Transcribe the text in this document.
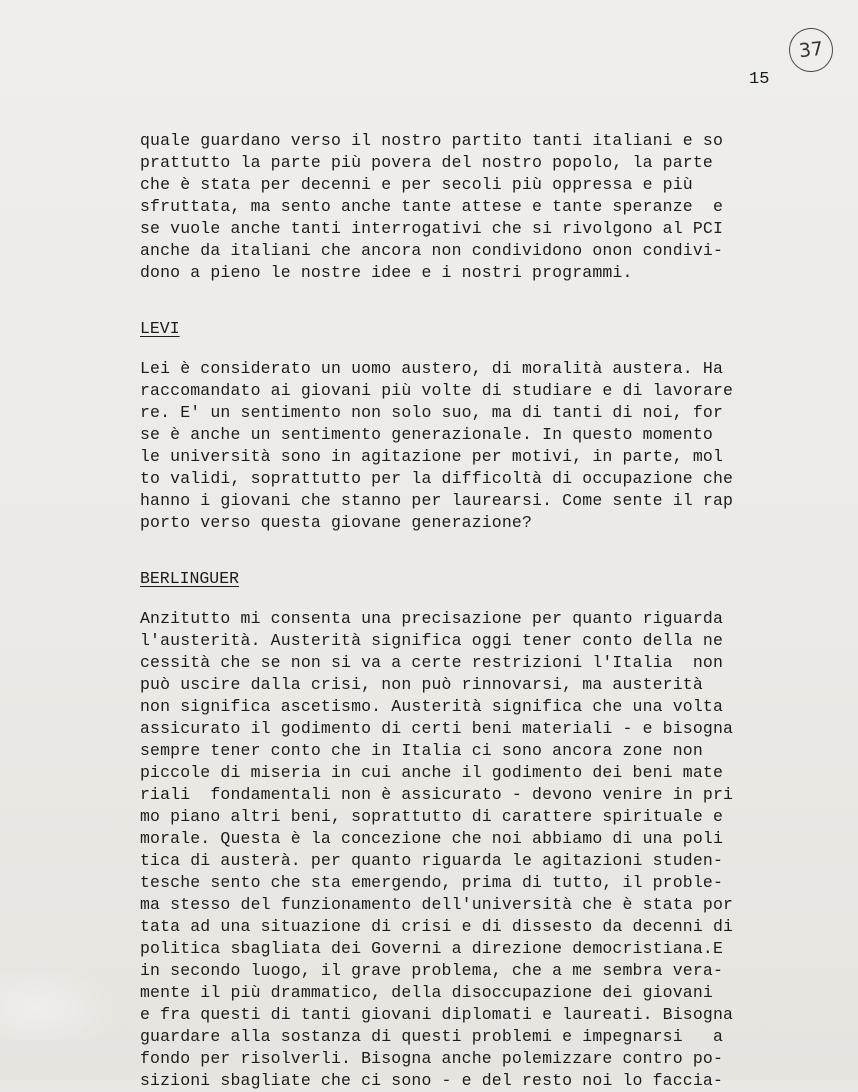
37
15
quale guardano verso il nostro partito tanti italiani e so
prattutto la parte più povera del nostro popolo, la parte
che è stata per decenni e per secoli più oppressa e più
sfruttata, ma sento anche tante attese e tante speranze  e
se vuole anche tanti interrogativi che si rivolgono al PCI
anche da italiani che ancora non condividono onon condivi-
dono a pieno le nostre idee e i nostri programmi.
LEVI
Lei è considerato un uomo austero, di moralità austera. Ha
raccomandato ai giovani più volte di studiare e di lavorare
re. E' un sentimento non solo suo, ma di tanti di noi, for
se è anche un sentimento generazionale. In questo momento
le università sono in agitazione per motivi, in parte, mol
to validi, soprattutto per la difficoltà di occupazione che
hanno i giovani che stanno per laurearsi. Come sente il rap
porto verso questa giovane generazione?
BERLINGUER
Anzitutto mi consenta una precisazione per quanto riguarda
l'austerità. Austerità significa oggi tener conto della ne
cessità che se non si va a certe restrizioni l'Italia  non
può uscire dalla crisi, non può rinnovarsi, ma austerità
non significa ascetismo. Austerità significa che una volta
assicurato il godimento di certi beni materiali - e bisogna
sempre tener conto che in Italia ci sono ancora zone non
piccole di miseria in cui anche il godimento dei beni mate
riali  fondamentali non è assicurato - devono venire in pri
mo piano altri beni, soprattutto di carattere spirituale e
morale. Questa è la concezione che noi abbiamo di una poli
tica di austerà. per quanto riguarda le agitazioni studen-
tesche sento che sta emergendo, prima di tutto, il proble-
ma stesso del funzionamento dell'università che è stata por
tata ad una situazione di crisi e di dissesto da decenni di
politica sbagliata dei Governi a direzione democristiana.E
in secondo luogo, il grave problema, che a me sembra vera-
mente il più drammatico, della disoccupazione dei giovani
e fra questi di tanti giovani diplomati e laureati. Bisogna
guardare alla sostanza di questi problemi e impegnarsi   a
fondo per risolverli. Bisogna anche polemizzare contro po-
sizioni sbagliate che ci sono - e del resto noi lo faccia-
